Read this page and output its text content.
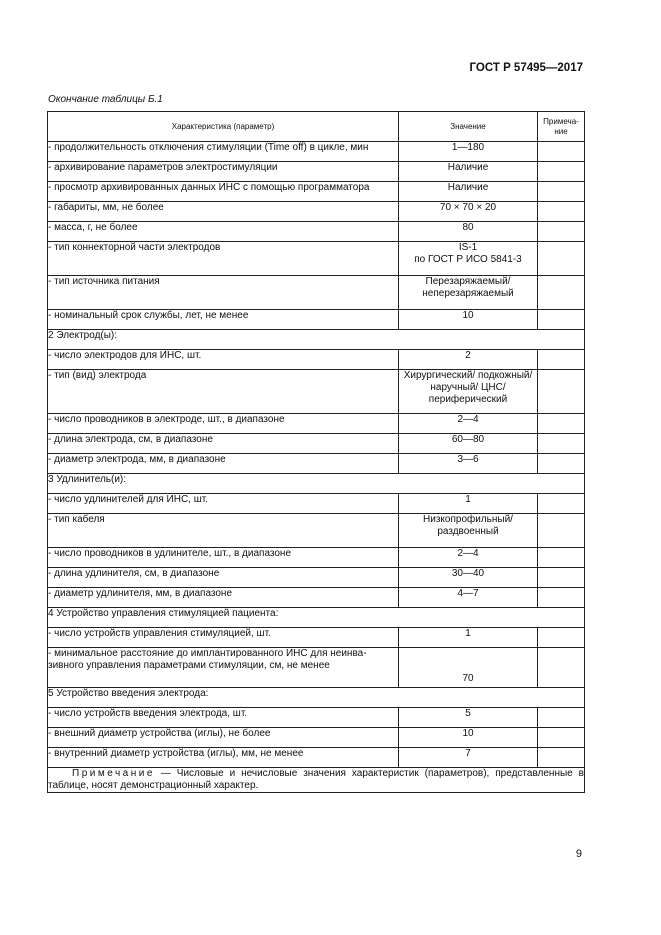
ГОСТ Р 57495—2017
Окончание таблицы Б.1
Характеристика (параметр)	Значение	Примеча-
ние
- продолжительность отключения стимуляции (Time off) в цикле, мин	1—180	
- архивирование параметров электростимуляции	Наличие	
- просмотр архивированных данных ИНС с помощью программатора	Наличие	
- габариты, мм, не более	70 × 70 × 20	
- масса, г, не более	80	
- тип коннекторной части электродов	IS-1
по ГОСТ Р ИСО 5841-3	
- тип источника питания	Перезаряжаемый/
неперезаряжаемый	
- номинальный срок службы, лет, не менее	10	
2 Электрод(ы):		
- число электродов для ИНС, шт.	2	
- тип (вид) электрода	Хирургический/ подкожный/
наручный/ ЦНС/
периферический	
- число проводников в электроде, шт., в диапазоне	2—4	
- длина электрода, см, в диапазоне	60—80	
- диаметр электрода, мм, в диапазоне	3—6	
3 Удлинитель(и):		
- число удлинителей для ИНС, шт.	1	
- тип кабеля	Низкопрофильный/
раздвоенный	
- число проводников в удлинителе, шт., в диапазоне	2—4	
- длина удлинителя, см, в диапазоне	30—40	
- диаметр удлинителя, мм, в диапазоне	4—7	
4 Устройство управления стимуляцией пациента:		
- число устройств управления стимуляцией, шт.	1	
- минимальное расстояние до имплантированного ИНС для неинва-
зивного управления параметрами стимуляции, см, не менее	70	
5 Устройство введения электрода:		
- число устройств введения электрода, шт.	5	
- внешний диаметр устройства (иглы), не более	10	
- внутренний диаметр устройства (иглы), мм, не менее	7	
Примечание — Числовые и нечисловые значения характеристик (параметров), представленные в таблице, носят демонстрационный характер.		
9
